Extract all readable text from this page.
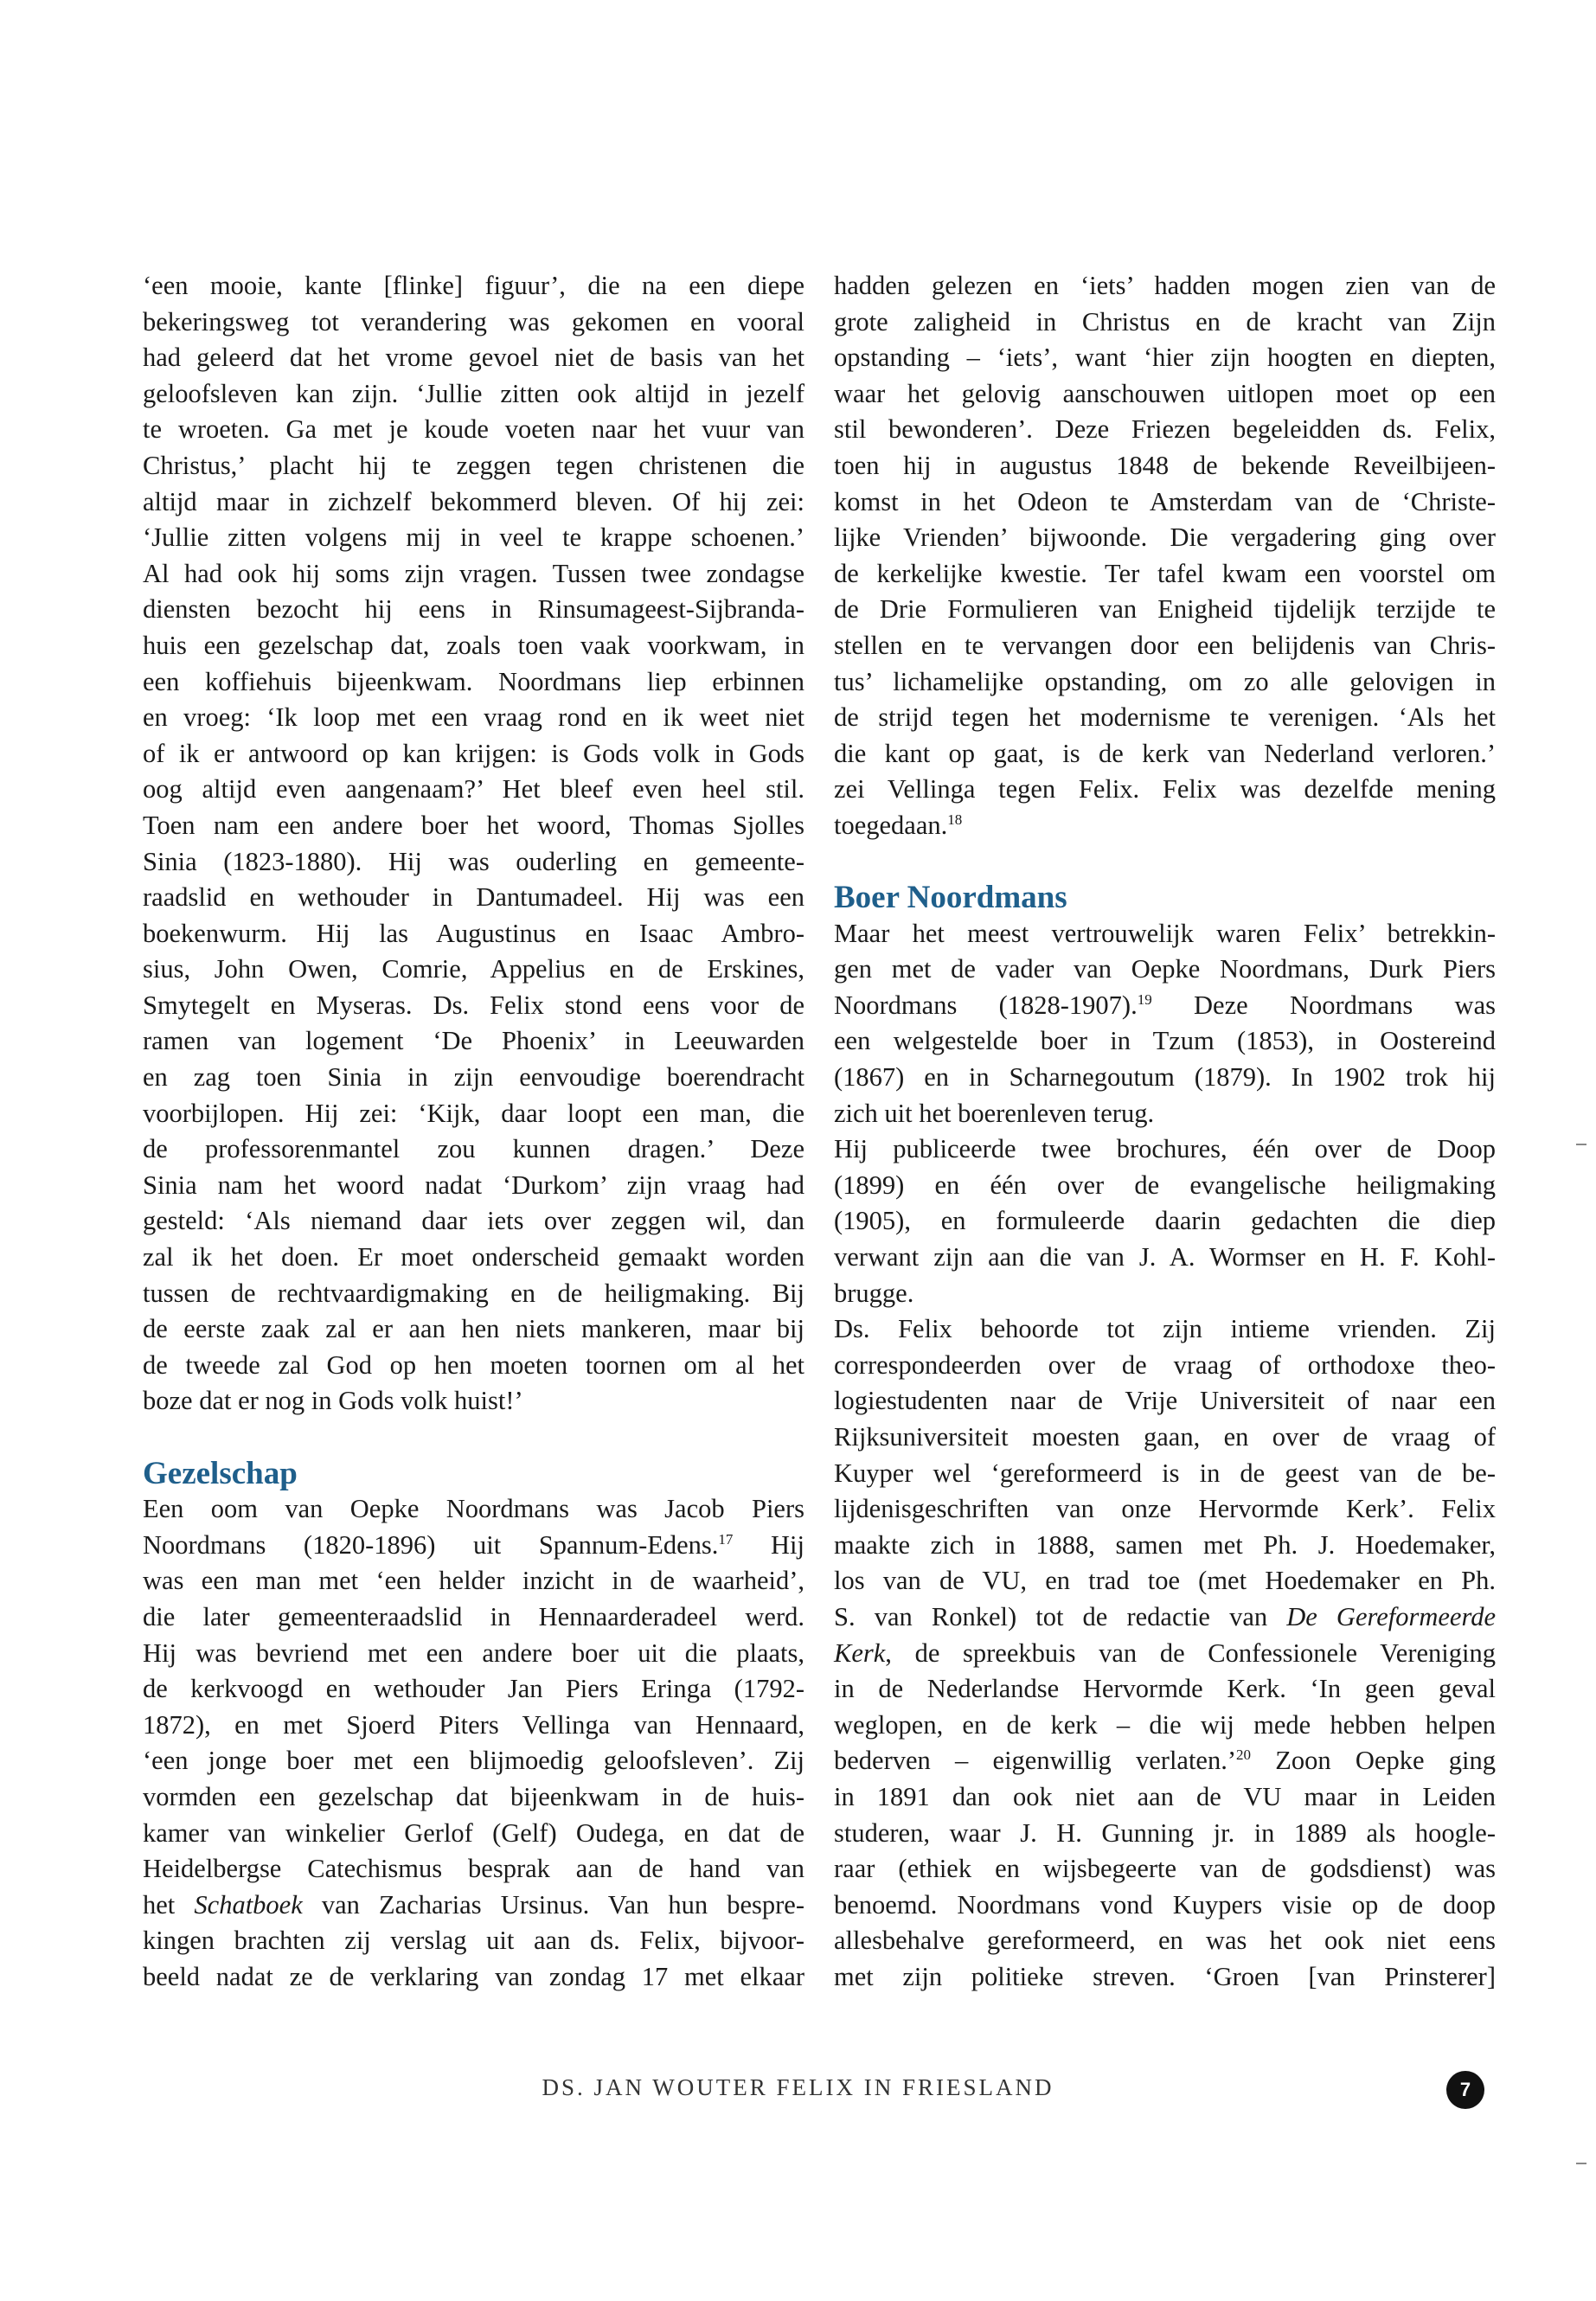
‘een mooie, kante [flinke] figuur’, die na een diepe
bekeringsweg tot verandering was gekomen en vooral
had geleerd dat het vrome gevoel niet de basis van het
geloofsleven kan zijn. ‘Jullie zitten ook altijd in jezelf
te wroeten. Ga met je koude voeten naar het vuur van
Christus,’ placht hij te zeggen tegen christenen die
altijd maar in zichzelf bekommerd bleven. Of hij zei:
‘Jullie zitten volgens mij in veel te krappe schoenen.’
Al had ook hij soms zijn vragen. Tussen twee zondagse
diensten bezocht hij eens in Rinsumageest-Sijbranda-
huis een gezelschap dat, zoals toen vaak voorkwam, in
een koffiehuis bijeenkwam. Noordmans liep erbinnen
en vroeg: ‘Ik loop met een vraag rond en ik weet niet
of ik er antwoord op kan krijgen: is Gods volk in Gods
oog altijd even aangenaam?’ Het bleef even heel stil.
Toen nam een andere boer het woord, Thomas Sjolles
Sinia (1823-1880). Hij was ouderling en gemeente-
raadslid en wethouder in Dantumadeel. Hij was een
boekenwurm. Hij las Augustinus en Isaac Ambro-
sius, John Owen, Comrie, Appelius en de Erskines,
Smytegelt en Myseras. Ds. Felix stond eens voor de
ramen van logement ‘De Phoenix’ in Leeuwarden
en zag toen Sinia in zijn eenvoudige boerendracht
voorbijlopen. Hij zei: ‘Kijk, daar loopt een man, die
de professorenmantel zou kunnen dragen.’ Deze
Sinia nam het woord nadat ‘Durkom’ zijn vraag had
gesteld: ‘Als niemand daar iets over zeggen wil, dan
zal ik het doen. Er moet onderscheid gemaakt worden
tussen de rechtvaardigmaking en de heiligmaking. Bij
de eerste zaak zal er aan hen niets mankeren, maar bij
de tweede zal God op hen moeten toornen om al het
boze dat er nog in Gods volk huist!’

Gezelschap

Een oom van Oepke Noordmans was Jacob Piers
Noordmans (1820-1896) uit Spannum-Edens.$^{17}$ Hij
was een man met ‘een helder inzicht in de waarheid’,
die later gemeenteraadslid in Hennaarderadeel werd.
Hij was bevriend met een andere boer uit die plaats,
de kerkvoogd en wethouder Jan Piers Eringa (1792-
1872), en met Sjoerd Piters Vellinga van Hennaard,
‘een jonge boer met een blijmoedig geloofsleven’. Zij
vormden een gezelschap dat bijeenkwam in de huis-
kamer van winkelier Gerlof (Gelf) Oudega, en dat de
Heidelbergse Catechismus besprak aan de hand van
het Schatboek van Zacharias Ursinus. Van hun bespre-
kingen brachten zij verslag uit aan ds. Felix, bijvoor-
beeld nadat ze de verklaring van zondag 17 met elkaar

hadden gelezen en ‘iets’ hadden mogen zien van de
grote zaligheid in Christus en de kracht van Zijn
opstanding – ‘iets’, want ‘hier zijn hoogten en diepten,
waar het gelovig aanschouwen uitlopen moet op een
stil bewonderen’. Deze Friezen begeleidden ds. Felix,
toen hij in augustus 1848 de bekende Reveilbijeen-
komst in het Odeon te Amsterdam van de ‘Christe-
lijke Vrienden’ bijwoonde. Die vergadering ging over
de kerkelijke kwestie. Ter tafel kwam een voorstel om
de Drie Formulieren van Enigheid tijdelijk terzijde te
stellen en te vervangen door een belijdenis van Chris-
tus’ lichamelijke opstanding, om zo alle gelovigen in
de strijd tegen het modernisme te verenigen. ‘Als het
die kant op gaat, is de kerk van Nederland verloren.’
zei Vellinga tegen Felix. Felix was dezelfde mening
toegedaan.$^{18}$

Boer Noordmans

Maar het meest vertrouwelijk waren Felix’ betrekkin-
gen met de vader van Oepke Noordmans, Durk Piers
Noordmans (1828-1907).$^{19}$ Deze Noordmans was
een welgestelde boer in Tzum (1853), in Oostereind
(1867) en in Scharnegoutum (1879). In 1902 trok hij
zich uit het boerenleven terug.

Hij publiceerde twee brochures, één over de Doop
(1899) en één over de evangelische heiligmaking
(1905), en formuleerde daarin gedachten die diep
verwant zijn aan die van J. A. Wormser en H. F. Kohl-
brugge.

Ds. Felix behoorde tot zijn intieme vrienden. Zij
correspondeerden over de vraag of orthodoxe theo-
logiestudenten naar de Vrije Universiteit of naar een
Rijksuniversiteit moesten gaan, en over de vraag of
Kuyper wel ‘gereformeerd is in de geest van de be-
lijdenisgeschriften van onze Hervormde Kerk’. Felix
maakte zich in 1888, samen met Ph. J. Hoedemaker,
los van de VU, en trad toe (met Hoedemaker en Ph.
S. van Ronkel) tot de redactie van De Gereformeerde
Kerk, de spreekbuis van de Confessionele Vereniging
in de Nederlandse Hervormde Kerk. ‘In geen geval
weglopen, en de kerk – die wij mede hebben helpen
bederven – eigenwillig verlaten.’$^{20}$ Zoon Oepke ging
in 1891 dan ook niet aan de VU maar in Leiden
studeren, waar J. H. Gunning jr. in 1889 als hoogle-
raar (ethiek en wijsbegeerte van de godsdienst) was
benoemd. Noordmans vond Kuypers visie op de doop
allesbehalve gereformeerd, en was het ook niet eens
met zijn politieke streven. ‘Groen [van Prinsterer]

DS. JAN WOUTER FELIX IN FRIESLAND	7
